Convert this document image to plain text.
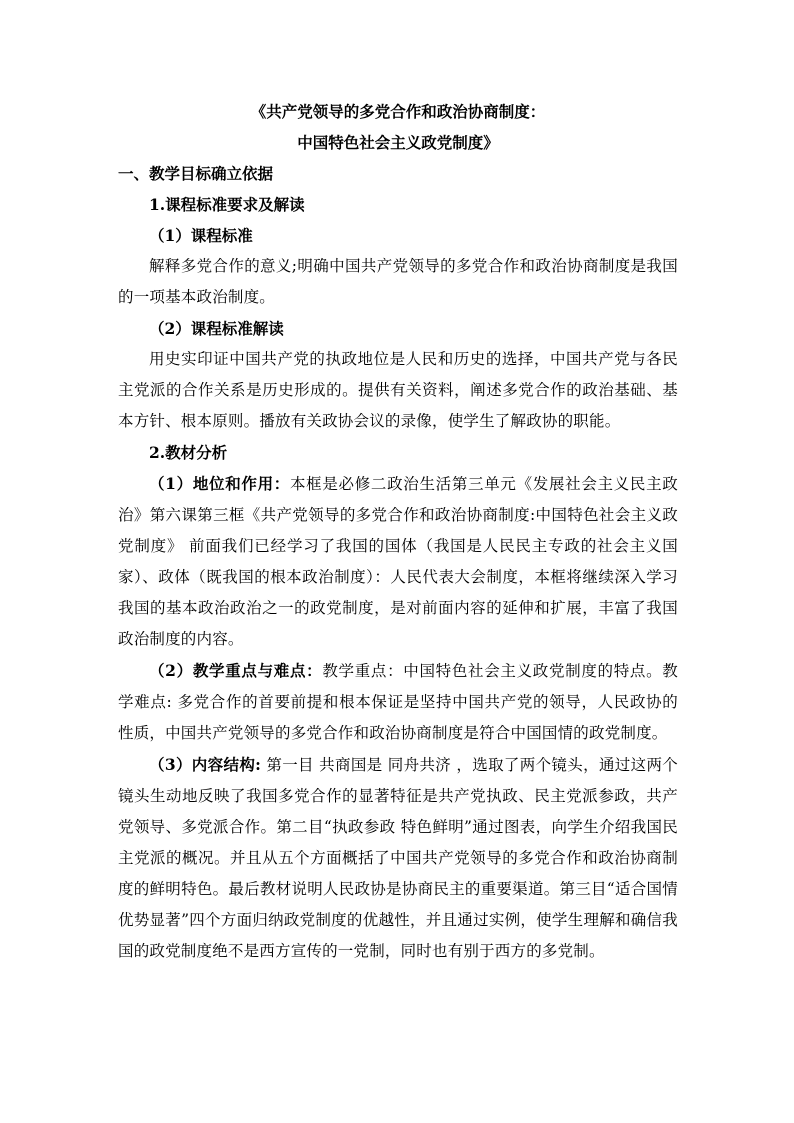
《共产党领导的多党合作和政治协商制度：

中国特色社会主义政党制度》

一、教学目标确立依据

1.课程标准要求及解读

（1）课程标准

解释多党合作的意义;明确中国共产党领导的多党合作和政治协商制度是我国的一项基本政治制度。

（2）课程标准解读

用史实印证中国共产党的执政地位是人民和历史的选择，中国共产党与各民主党派的合作关系是历史形成的。提供有关资料，阐述多党合作的政治基础、基本方针、根本原则。播放有关政协会议的录像，使学生了解政协的职能。

2.教材分析

（1）地位和作用：本框是必修二政治生活第三单元《发展社会主义民主政治》第六课第三框《共产党领导的多党合作和政治协商制度:中国特色社会主义政党制度》 前面我们已经学习了我国的国体（我国是人民民主专政的社会主义国家）、政体（既我国的根本政治制度）：人民代表大会制度，本框将继续深入学习我国的基本政治政治之一的政党制度，是对前面内容的延伸和扩展，丰富了我国政治制度的内容。

（2）教学重点与难点：教学重点：中国特色社会主义政党制度的特点。教学难点: 多党合作的首要前提和根本保证是坚持中国共产党的领导，人民政协的性质，中国共产党领导的多党合作和政治协商制度是符合中国国情的政党制度。

（3）内容结构: 第一目 共商国是 同舟共济 ，选取了两个镜头，通过这两个镜头生动地反映了我国多党合作的显著特征是共产党执政、民主党派参政，共产党领导、多党派合作。第二目“执政参政 特色鲜明”通过图表，向学生介绍我国民主党派的概况。并且从五个方面概括了中国共产党领导的多党合作和政治协商制度的鲜明特色。最后教材说明人民政协是协商民主的重要渠道。第三目“适合国情 优势显著”四个方面归纳政党制度的优越性，并且通过实例，使学生理解和确信我国的政党制度绝不是西方宣传的一党制，同时也有别于西方的多党制。
